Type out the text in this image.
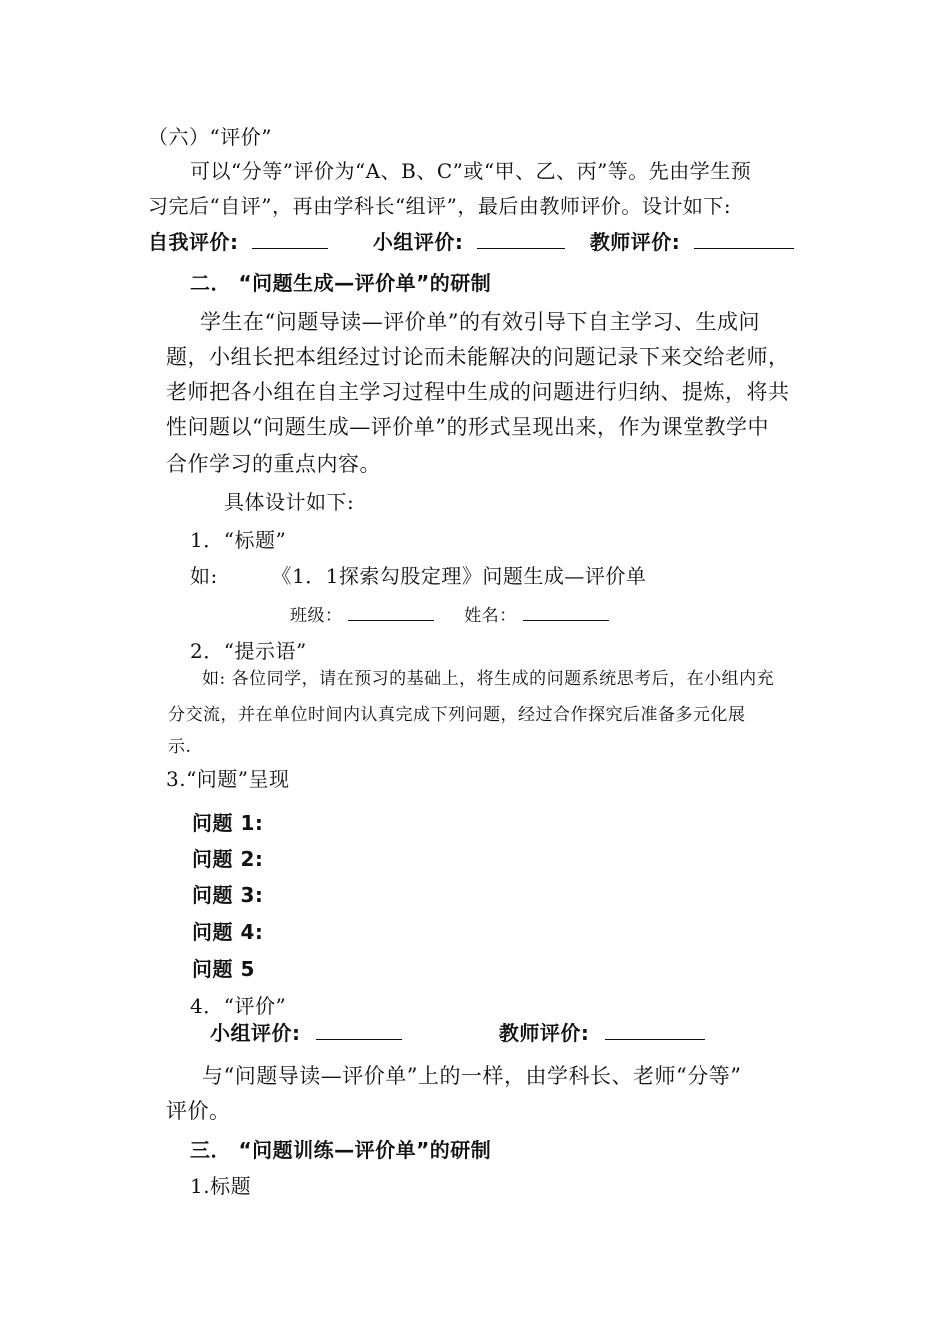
（六）“评价”
可以“分等”评价为“A、B、C”或“甲、乙、丙”等。先由学生预
习完后“自评”，再由学科长“组评”，最后由教师评价。设计如下:
自我评价:	小组评价:	教师评价:
二． “问题生成—评价单”的研制
学生在“问题导读—评价单”的有效引导下自主学习、生成问
题，小组长把本组经过讨论而未能解决的问题记录下来交给老师，
老师把各小组在自主学习过程中生成的问题进行归纳、提炼，将共
性问题以“问题生成—评价单”的形式呈现出来，作为课堂教学中
合作学习的重点内容。
具体设计如下:
1．“标题”
如:	《1．1探索勾股定理》问题生成—评价单
班级：	姓名：
2．“提示语”
如: 各位同学，请在预习的基础上，将生成的问题系统思考后，在小组内充
分交流，并在单位时间内认真完成下列问题，经过合作探究后准备多元化展
示.
3.“问题”呈现
问题 1:
问题 2:
问题 3:
问题 4:
问题 5
4．“评价”
小组评价:	教师评价:
与“问题导读—评价单”上的一样，由学科长、老师“分等”
评价。
三． “问题训练—评价单”的研制
1.标题
